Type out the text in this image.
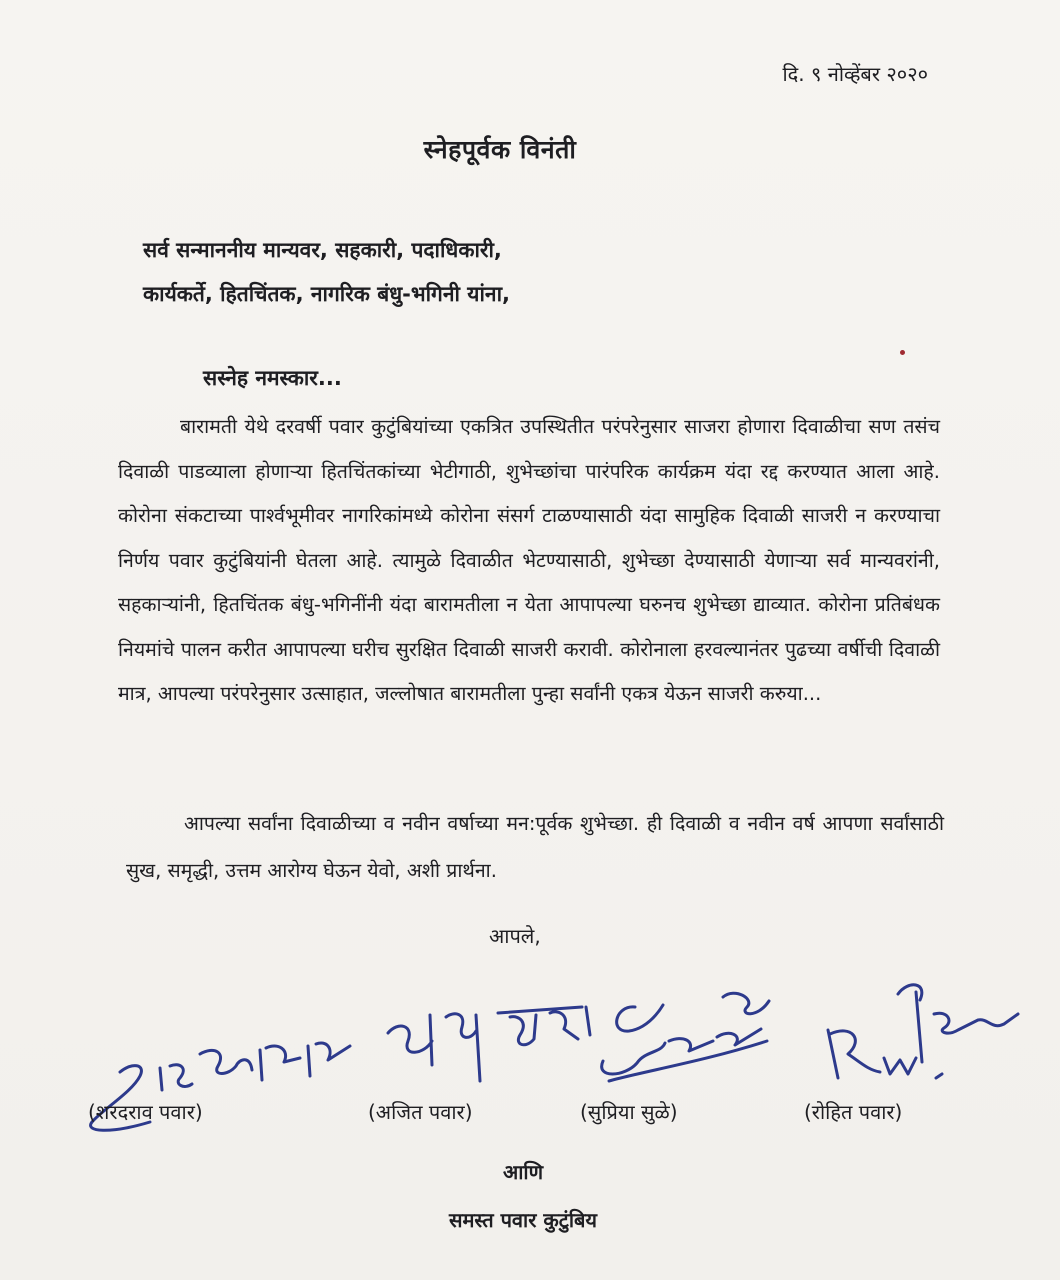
दि. ९ नोव्हेंबर २०२०
स्नेहपूर्वक विनंती
सर्व सन्माननीय मान्यवर, सहकारी, पदाधिकारी,
कार्यकर्ते, हितचिंतक, नागरिक बंधु-भगिनी यांना,
सस्नेह नमस्कार...

बारामती येथे दरवर्षी पवार कुटुंबियांच्या एकत्रित उपस्थितीत परंपरेनुसार साजरा होणारा दिवाळीचा सण तसंच दिवाळी पाडव्याला होणाऱ्या हितचिंतकांच्या भेटीगाठी, शुभेच्छांचा पारंपरिक कार्यक्रम यंदा रद्द करण्यात आला आहे. कोरोना संकटाच्या पार्श्वभूमीवर नागरिकांमध्ये कोरोना संसर्ग टाळण्यासाठी यंदा सामुहिक दिवाळी साजरी न करण्याचा निर्णय पवार कुटुंबियांनी घेतला आहे. त्यामुळे दिवाळीत भेटण्यासाठी, शुभेच्छा देण्यासाठी येणाऱ्या सर्व मान्यवरांनी, सहकाऱ्यांनी, हितचिंतक बंधु-भगिनींनी यंदा बारामतीला न येता आपापल्या घरुनच शुभेच्छा द्याव्यात. कोरोना प्रतिबंधक नियमांचे पालन करीत आपापल्या घरीच सुरक्षित दिवाळी साजरी करावी. कोरोनाला हरवल्यानंतर पुढच्या वर्षीची दिवाळी मात्र, आपल्या परंपरेनुसार उत्साहात, जल्लोषात बारामतीला पुन्हा सर्वांनी एकत्र येऊन साजरी करुया...

आपल्या सर्वांना दिवाळीच्या व नवीन वर्षाच्या मन:पूर्वक शुभेच्छा. ही दिवाळी व नवीन वर्ष आपणा सर्वांसाठी सुख, समृद्धी, उत्तम आरोग्य घेऊन येवो, अशी प्रार्थना.

आपले,
(शरदराव पवार)	(अजित पवार)	(सुप्रिया सुळे)	(रोहित पवार)
आणि
समस्त पवार कुटुंबिय
